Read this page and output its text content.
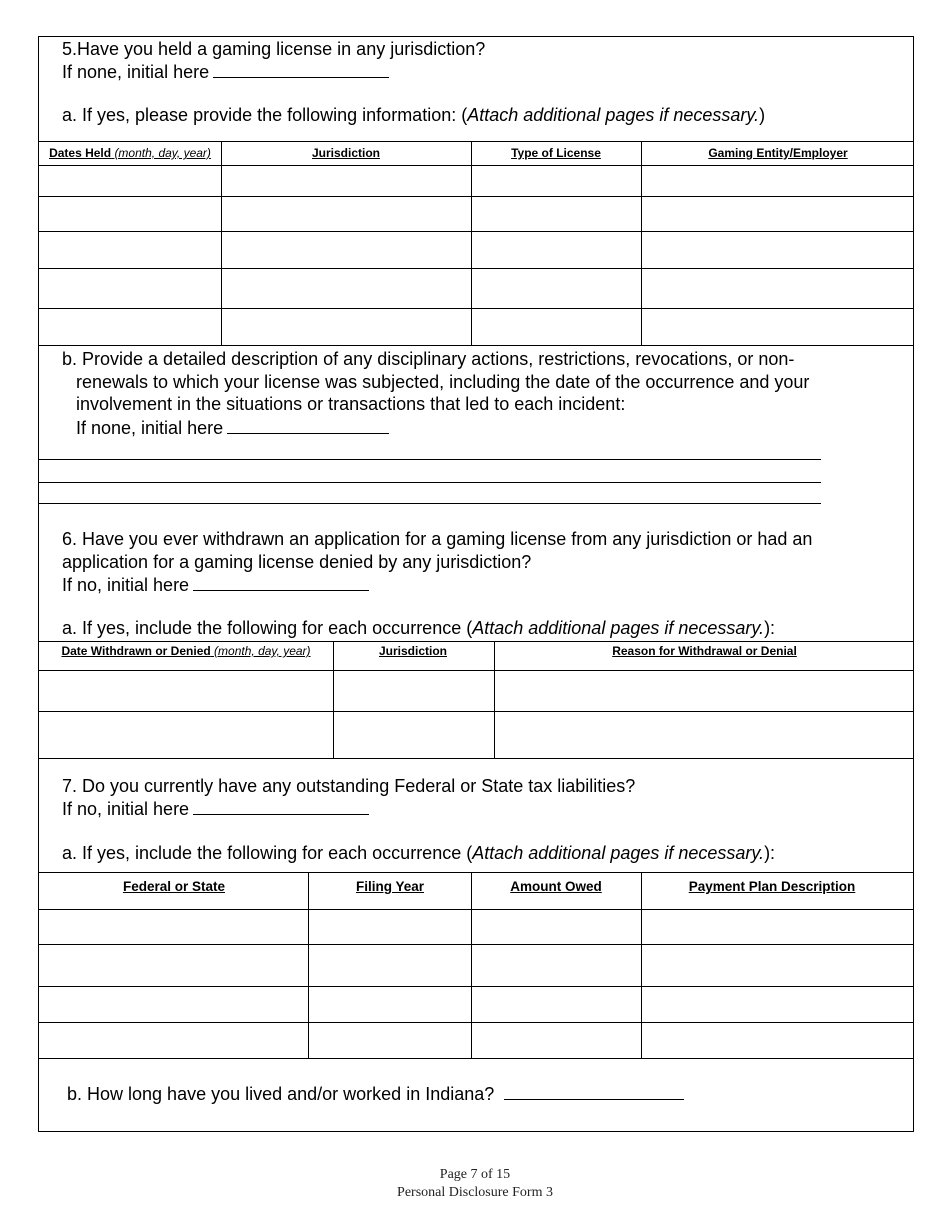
5.Have you held a gaming license in any jurisdiction?
If none, initial here
a. If yes, please provide the following information: (Attach additional pages if necessary.)
Dates Held (month, day, year)	Jurisdiction	Type of License	Gaming Entity/Employer
b. Provide a detailed description of any disciplinary actions, restrictions, revocations, or non-
renewals to which your license was subjected, including the date of the occurrence and your
involvement in the situations or transactions that led to each incident:
If none, initial here
6. Have you ever withdrawn an application for a gaming license from any jurisdiction or had an
application for a gaming license denied by any jurisdiction?
If no, initial here
a. If yes, include the following for each occurrence (Attach additional pages if necessary.):
Date Withdrawn or Denied (month, day, year)	Jurisdiction	Reason for Withdrawal or Denial
7. Do you currently have any outstanding Federal or State tax liabilities?
If no, initial here
a. If yes, include the following for each occurrence (Attach additional pages if necessary.):
Federal or State	Filing Year	Amount Owed	Payment Plan Description
b. How long have you lived and/or worked in Indiana?
Page 7 of 15
Personal Disclosure Form 3
